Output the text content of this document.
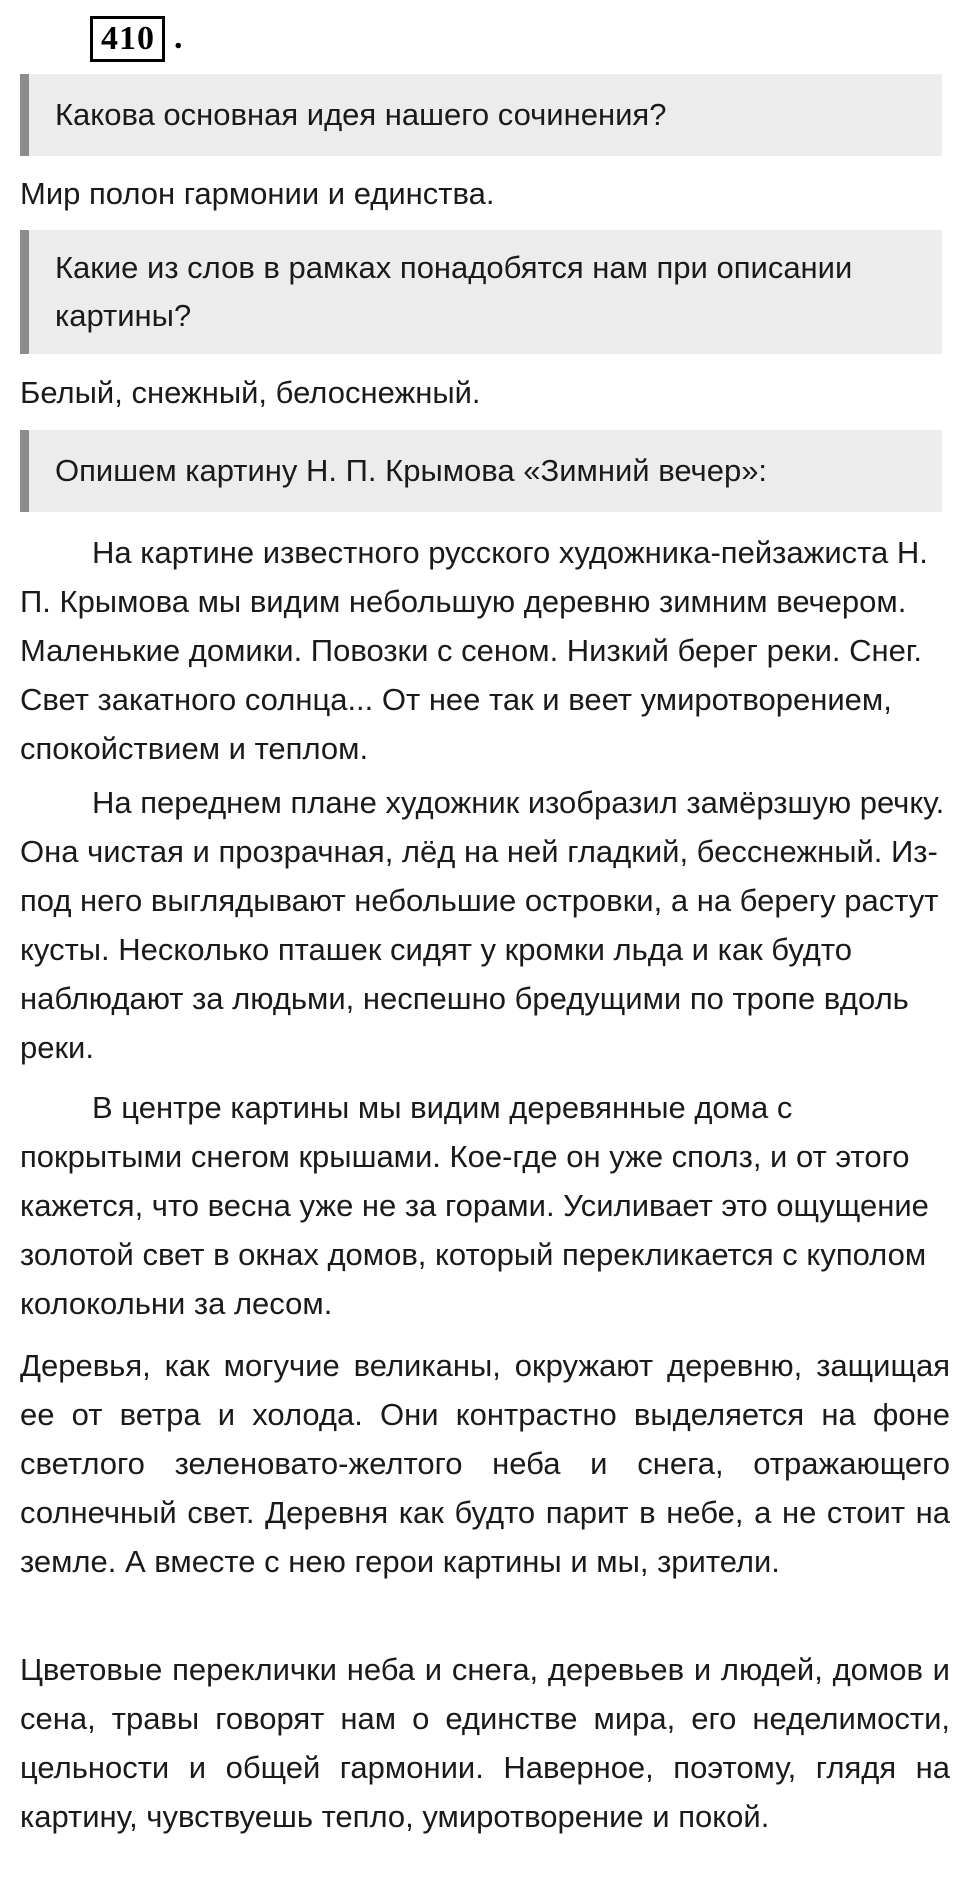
410 .
Какова основная идея нашего сочинения?

Мир полон гармонии и единства.

Какие из слов в рамках понадобятся нам при описании картины?

Белый, снежный, белоснежный.

Опишем картину Н. П. Крымова «Зимний вечер»:

На картине известного русского художника-пейзажиста Н. П. Крымова мы видим небольшую деревню зимним вечером. Маленькие домики. Повозки с сеном. Низкий берег реки. Снег. Свет закатного солнца... От нее так и веет умиротворением, спокойствием и теплом.

На переднем плане художник изобразил замёрзшую речку. Она чистая и прозрачная, лёд на ней гладкий, бесснежный. Из-под него выглядывают небольшие островки, а на берегу растут кусты. Несколько пташек сидят у кромки льда и как будто наблюдают за людьми, неспешно бредущими по тропе вдоль реки.

В центре картины мы видим деревянные дома с покрытыми снегом крышами. Кое-где он уже сполз, и от этого кажется, что весна уже не за горами. Усиливает это ощущение золотой свет в окнах домов, который перекликается с куполом колокольни за лесом.

Деревья, как могучие великаны, окружают деревню, защищая ее от ветра и холода. Они контрастно выделяется на фоне светлого зеленовато-желтого неба и снега, отражающего солнечный свет. Деревня как будто парит в небе, а не стоит на земле. А вместе с нею герои картины и мы, зрители.

Цветовые переклички неба и снега, деревьев и людей, домов и сена, травы говорят нам о единстве мира, его неделимости, цельности и общей гармонии. Наверное, поэтому, глядя на картину, чувствуешь тепло, умиротворение и покой.
